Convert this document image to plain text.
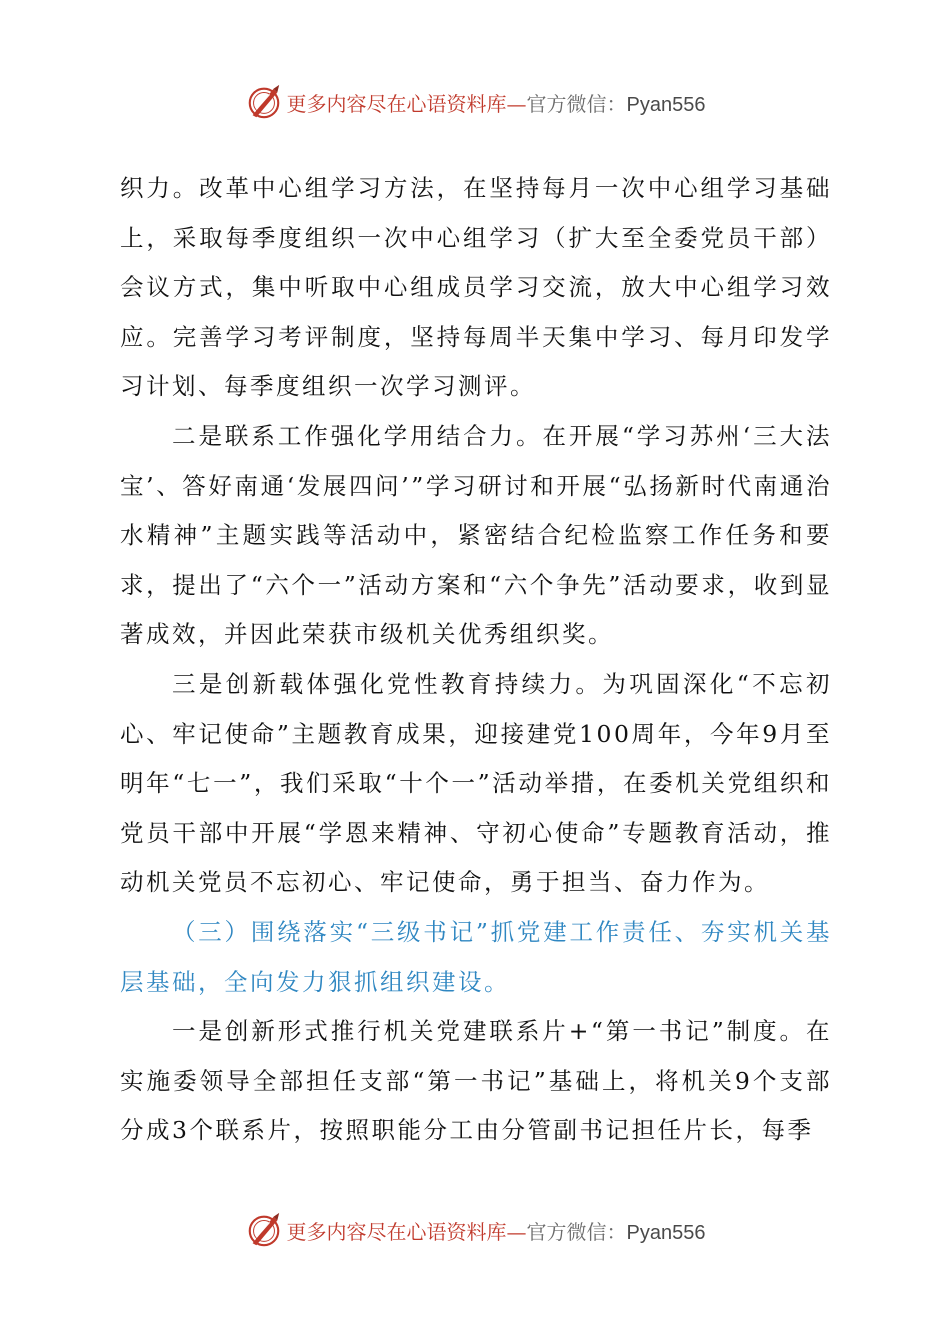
更多内容尽在心语资料库—官方微信：Pyan556

织力。改革中心组学习方法，在坚持每月一次中心组学习基础上，采取每季度组织一次中心组学习（扩大至全委党员干部）会议方式，集中听取中心组成员学习交流，放大中心组学习效应。完善学习考评制度，坚持每周半天集中学习、每月印发学习计划、每季度组织一次学习测评。

二是联系工作强化学用结合力。在开展“学习苏州‘三大法宝’、答好南通‘发展四问’”学习研讨和开展“弘扬新时代南通治水精神”主题实践等活动中，紧密结合纪检监察工作任务和要求，提出了“六个一”活动方案和“六个争先”活动要求，收到显著成效，并因此荣获市级机关优秀组织奖。

三是创新载体强化党性教育持续力。为巩固深化“不忘初心、牢记使命”主题教育成果，迎接建党100周年，今年9月至明年“七一”，我们采取“十个一”活动举措，在委机关党组织和党员干部中开展“学恩来精神、守初心使命”专题教育活动，推动机关党员不忘初心、牢记使命，勇于担当、奋力作为。

（三）围绕落实“三级书记”抓党建工作责任、夯实机关基层基础，全向发力狠抓组织建设。

一是创新形式推行机关党建联系片+“第一书记”制度。在实施委领导全部担任支部“第一书记”基础上，将机关9个支部分成3个联系片，按照职能分工由分管副书记担任片长，每季

更多内容尽在心语资料库—官方微信：Pyan556
